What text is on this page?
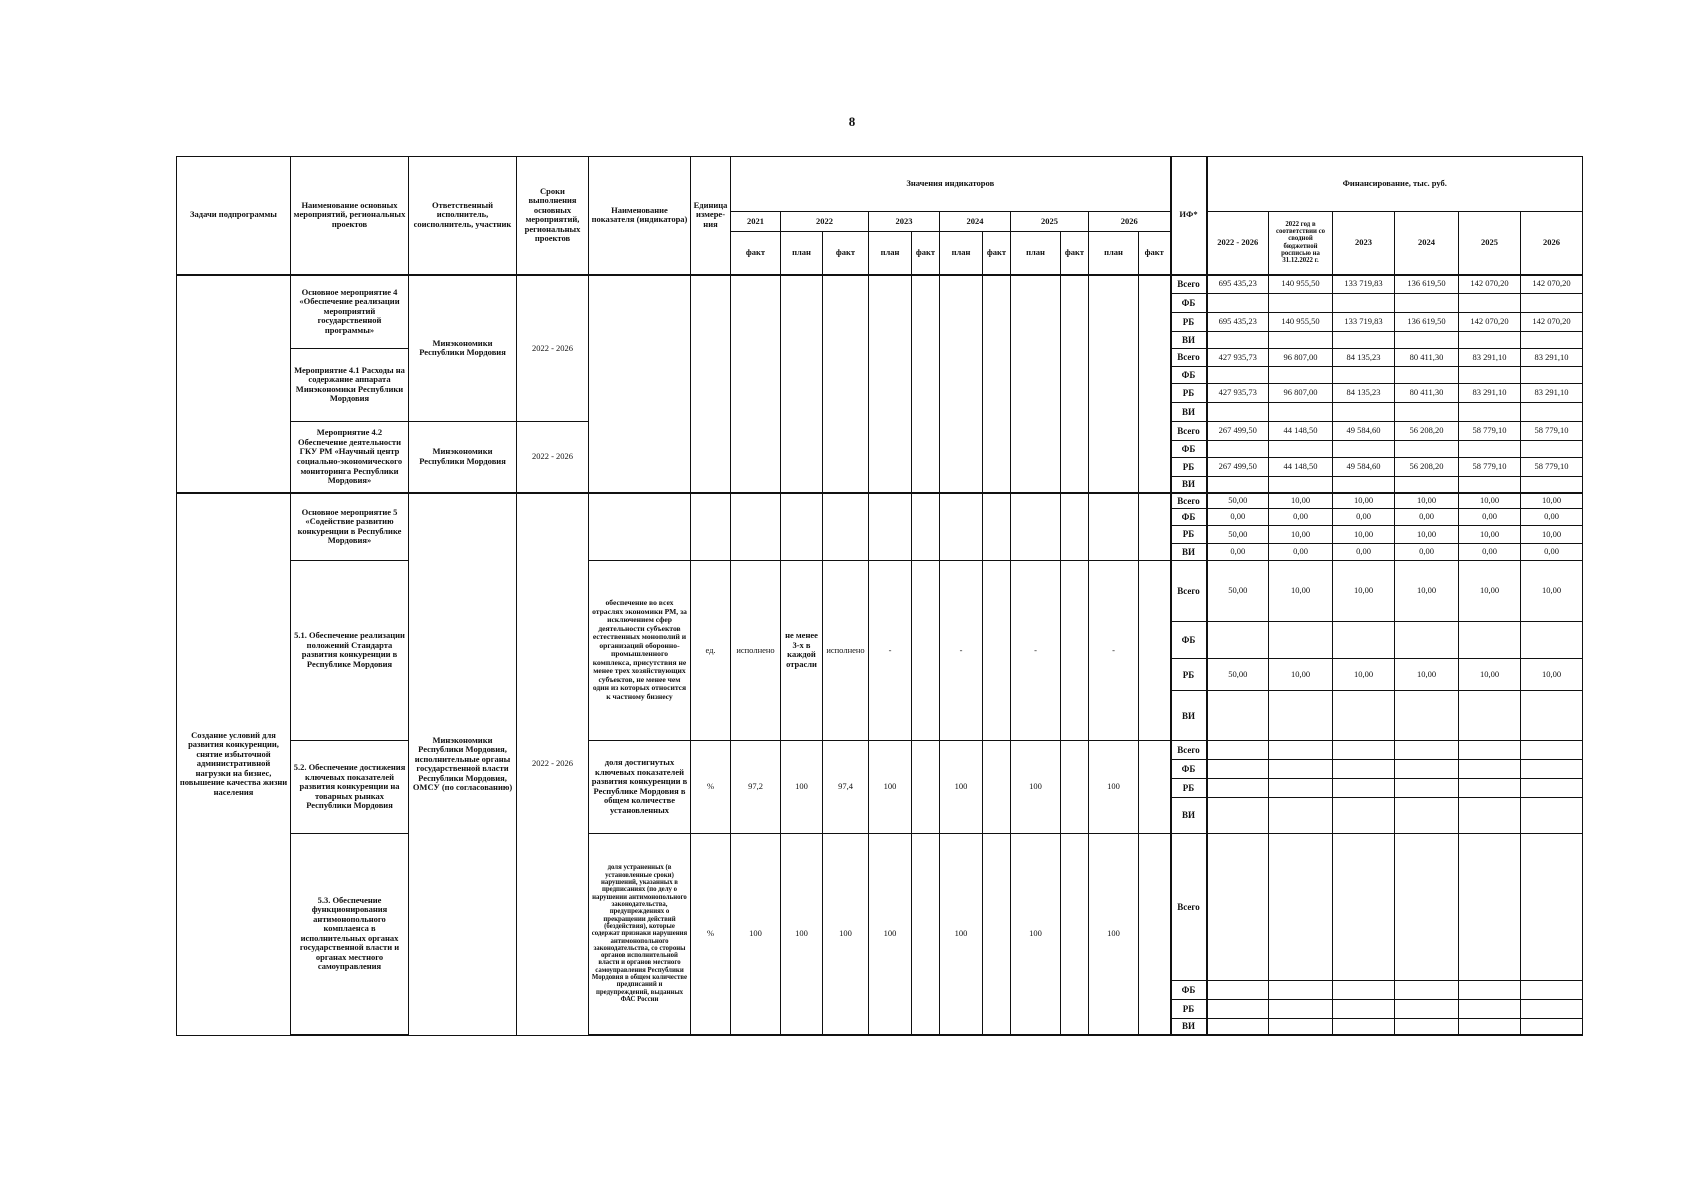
8
Задачи подпрограммы	Наименование основных мероприятий, региональных проектов	Ответственный исполнитель, соисполнитель, участник	Сроки выполнения основных мероприятий, региональных проектов	Наименование показателя (индикатора)	Единица измере-ния	Значения индикаторов											ИФ*	Финансирование, тыс. руб.					
						2021	2022		2023		2024		2025		2026			2022 - 2026	2022 год в соответствии со сводной бюджетной росписью на 31.12.2022 г.	2023	2024	2025	2026
						факт	план	факт	план	факт	план	факт	план	факт	план	факт							
	Основное мероприятие 4 «Обеспечение реализации мероприятий государственной программы»	Минэкономики Республики Мордовия	2022 - 2026														Всего	695 435,23	140 955,50	133 719,83	136 619,50	142 070,20	142 070,20
																	ФБ						
																	РБ	695 435,23	140 955,50	133 719,83	136 619,50	142 070,20	142 070,20
																	ВИ						
	Мероприятие 4.1 Расходы на содержание аппарата Минэкономики Республики Мордовия																Всего	427 935,73	96 807,00	84 135,23	80 411,30	83 291,10	83 291,10
																	ФБ						
																	РБ	427 935,73	96 807,00	84 135,23	80 411,30	83 291,10	83 291,10
																	ВИ						
	Мероприятие 4.2 Обеспечение деятельности ГКУ РМ «Научный центр социально-экономического мониторинга Республики Мордовия»	Минэкономики Республики Мордовия	2022 - 2026														Всего	267 499,50	44 148,50	49 584,60	56 208,20	58 779,10	58 779,10
																	ФБ						
																	РБ	267 499,50	44 148,50	49 584,60	56 208,20	58 779,10	58 779,10
																	ВИ						
Создание условий для развития конкуренции, снятие избыточной административной нагрузки на бизнес, повышение качества жизни населения	Основное мероприятие 5 «Содействие развитию конкуренции в Республике Мордовия»	Минэкономики Республики Мордовия, исполнительные органы государственной власти Республики Мордовия, ОМСУ (по согласованию)	2022 - 2026														Всего	50,00	10,00	10,00	10,00	10,00	10,00
																	ФБ	0,00	0,00	0,00	0,00	0,00	0,00
																	РБ	50,00	10,00	10,00	10,00	10,00	10,00
																	ВИ	0,00	0,00	0,00	0,00	0,00	0,00
	5.1. Обеспечение реализации положений Стандарта развития конкуренции в Республике Мордовия			обеспечение во всех отраслях экономики РМ, за исключением сфер деятельности субъектов естественных монополий и организаций оборонно-промышленного комплекса, присутствия не менее трех хозяйствующих субъектов, не менее чем один из которых относится к частному бизнесу	ед.	исполнено	не менее 3-х в каждой отрасли	исполнено	-		-		-		-		Всего	50,00	10,00	10,00	10,00	10,00	10,00
																	ФБ						
																	РБ	50,00	10,00	10,00	10,00	10,00	10,00
																	ВИ						
	5.2. Обеспечение достижения ключевых показателей развития конкуренции на товарных рынках Республики Мордовия			доля достигнутых ключевых показателей развития конкуренции в Республике Мордовия в общем количестве установленных	%	97,2	100	97,4	100		100		100		100		Всего						
																	ФБ						
																	РБ						
																	ВИ						
	5.3. Обеспечение функционирования антимонопольного комплаенса в исполнительных органах государственной власти и органах местного самоуправления			доля устраненных (в установленные сроки) нарушений, указанных в предписаниях (по делу о нарушении антимонопольного законодательства, предупреждениях о прекращении действий (бездействия), которые содержат признаки нарушения антимонопольного законодательства, со стороны органов исполнительной власти и органов местного самоуправления Республики Мордовия в общем количестве предписаний и предупреждений, выданных ФАС России	%	100	100	100	100		100		100		100		Всего						
																	ФБ						
																	РБ						
																	ВИ						
